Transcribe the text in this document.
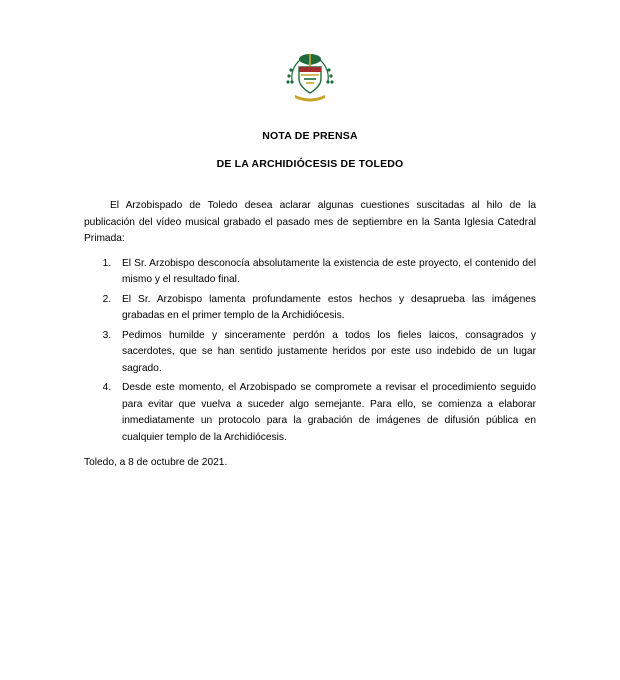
NOTA DE PRENSA
DE LA ARCHIDIÓCESIS DE TOLEDO

El Arzobispado de Toledo desea aclarar algunas cuestiones suscitadas al hilo de la publicación del vídeo musical grabado el pasado mes de septiembre en la Santa Iglesia Catedral Primada:

1. El Sr. Arzobispo desconocía absolutamente la existencia de este proyecto, el contenido del mismo y el resultado final.
2. El Sr. Arzobispo lamenta profundamente estos hechos y desaprueba las imágenes grabadas en el primer templo de la Archidiócesis.
3. Pedimos humilde y sinceramente perdón a todos los fieles laicos, consagrados y sacerdotes, que se han sentido justamente heridos por este uso indebido de un lugar sagrado.
4. Desde este momento, el Arzobispado se compromete a revisar el procedimiento seguido para evitar que vuelva a suceder algo semejante. Para ello, se comienza a elaborar inmediatamente un protocolo para la grabación de imágenes de difusión pública en cualquier templo de la Archidiócesis.

Toledo, a 8 de octubre de 2021.
